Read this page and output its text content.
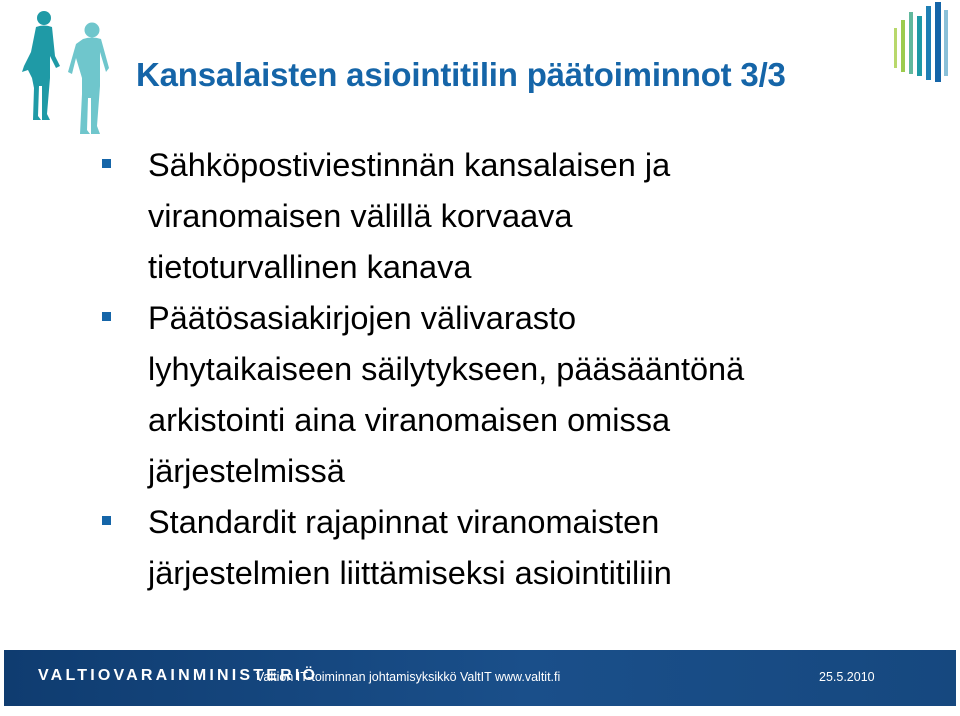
Kansalaisten asiointitilin päätoiminnot 3/3
Sähköpostiviestinnän kansalaisen ja
viranomaisen välillä korvaava
tietoturvallinen kanava
Päätösasiakirjojen välivarasto
lyhytaikaiseen säilytykseen, pääsääntönä
arkistointi aina viranomaisen omissa
järjestelmissä
Standardit rajapinnat viranomaisten
järjestelmien liittämiseksi asiointitiliin
VALTIOVARAINMINISTERIÖ
Valtion IT-toiminnan johtamisyksikkö ValtIT www.valtit.fi	25.5.2010
